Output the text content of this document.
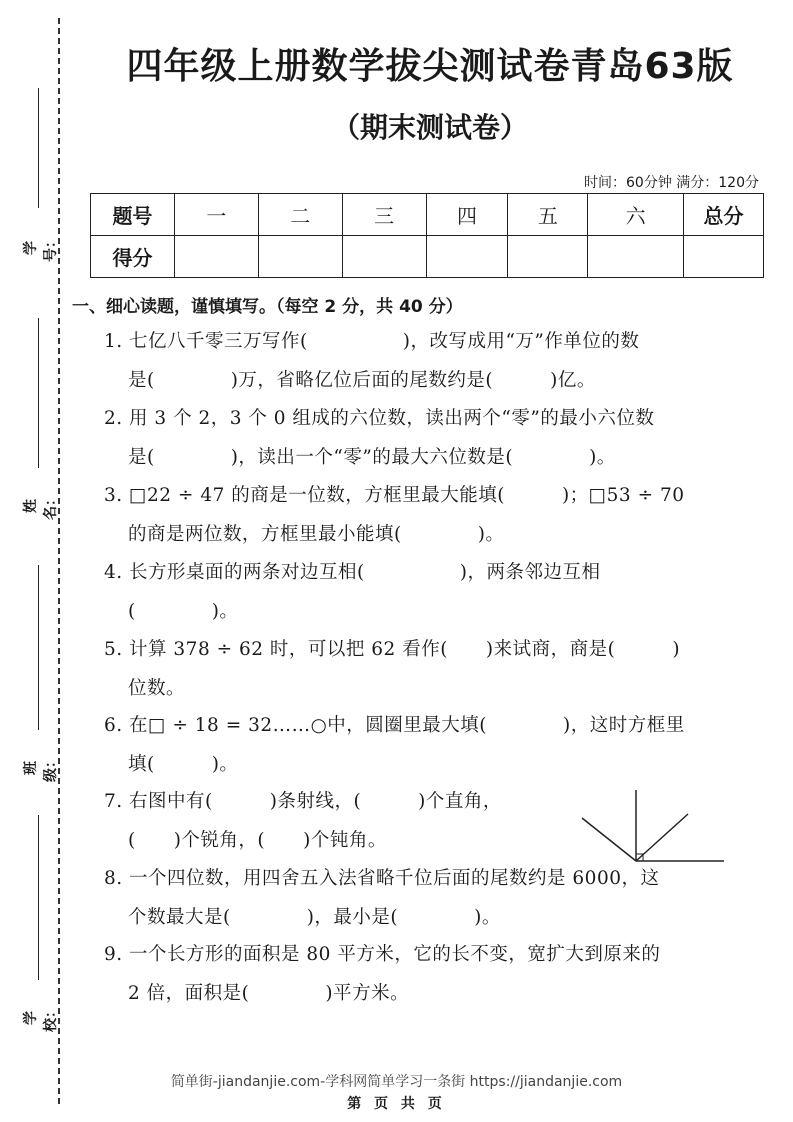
学号：
姓名：
班级：
学校：
四年级上册数学拔尖测试卷青岛63版
（期末测试卷）
时间：60分钟 满分：120分
题号	一	二	三	四	五	六	总分
得分							
一、细心读题，谨慎填写。（每空 2 分，共 40 分）
1. 七亿八千零三万写作(　　　　　)，改写成用“万”作单位的数
是(　　　　)万，省略亿位后面的尾数约是(　　　)亿。
2. 用 3 个 2，3 个 0 组成的六位数，读出两个“零”的最小六位数
是(　　　　)，读出一个“零”的最大六位数是(　　　　)。
3. □22 ÷ 47 的商是一位数，方框里最大能填(　　　)；□53 ÷ 70
的商是两位数，方框里最小能填(　　　　)。
4. 长方形桌面的两条对边互相(　　　　　)，两条邻边互相
(　　　　)。
5. 计算 378 ÷ 62 时，可以把 62 看作(　　)来试商，商是(　　　)
位数。
6. 在□ ÷ 18 = 32……○中，圆圈里最大填(　　　　)，这时方框里
填(　　　)。
7. 右图中有(　　　)条射线，(　　　)个直角，
(　　)个锐角，(　　)个钝角。
8. 一个四位数，用四舍五入法省略千位后面的尾数约是 6000，这
个数最大是(　　　　)，最小是(　　　　)。
9. 一个长方形的面积是 80 平方米，它的长不变，宽扩大到原来的
2 倍，面积是(　　　　)平方米。
简单街-jiandanjie.com-学科网简单学习一条街 https://jiandanjie.com
第 页 共 页
